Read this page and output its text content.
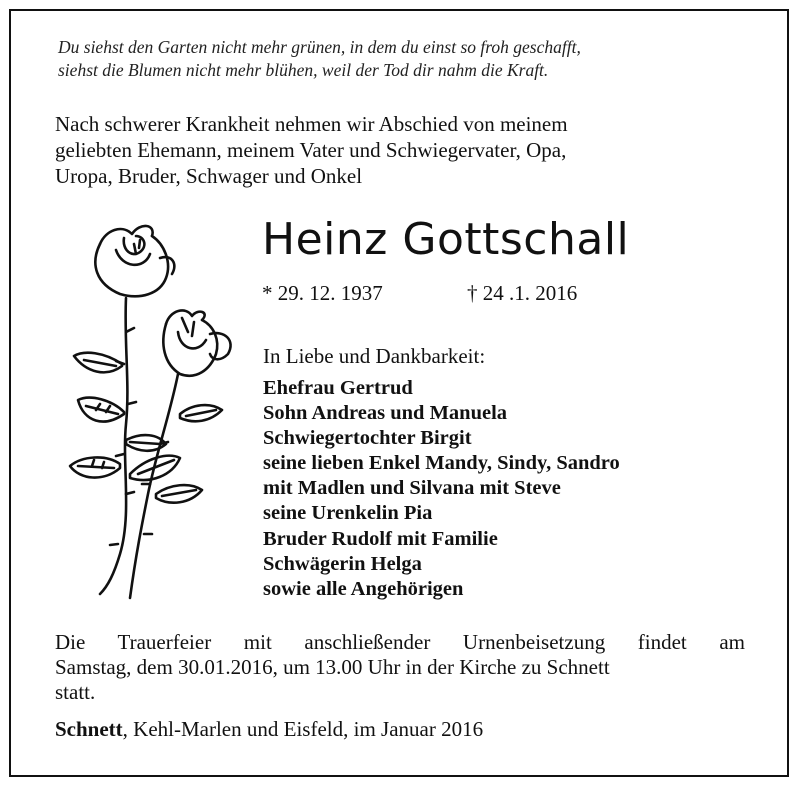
Du siehst den Garten nicht mehr grünen, in dem du einst so froh geschafft,
siehst die Blumen nicht mehr blühen, weil der Tod dir nahm die Kraft.
Nach schwerer Krankheit nehmen wir Abschied von meinem
geliebten Ehemann, meinem Vater und Schwiegervater, Opa,
Uropa, Bruder, Schwager und Onkel
Heinz Gottschall
* 29. 12. 1937	† 24 .1. 2016
In Liebe und Dankbarkeit:
Ehefrau Gertrud
Sohn Andreas und Manuela
Schwiegertochter Birgit
seine lieben Enkel Mandy, Sindy, Sandro
mit Madlen und Silvana mit Steve
seine Urenkelin Pia
Bruder Rudolf mit Familie
Schwägerin Helga
sowie alle Angehörigen
Die Trauerfeier mit anschließender Urnenbeisetzung findet am
Samstag, dem 30.01.2016, um 13.00 Uhr in der Kirche zu Schnett
statt.
Schnett, Kehl-Marlen und Eisfeld, im Januar 2016
